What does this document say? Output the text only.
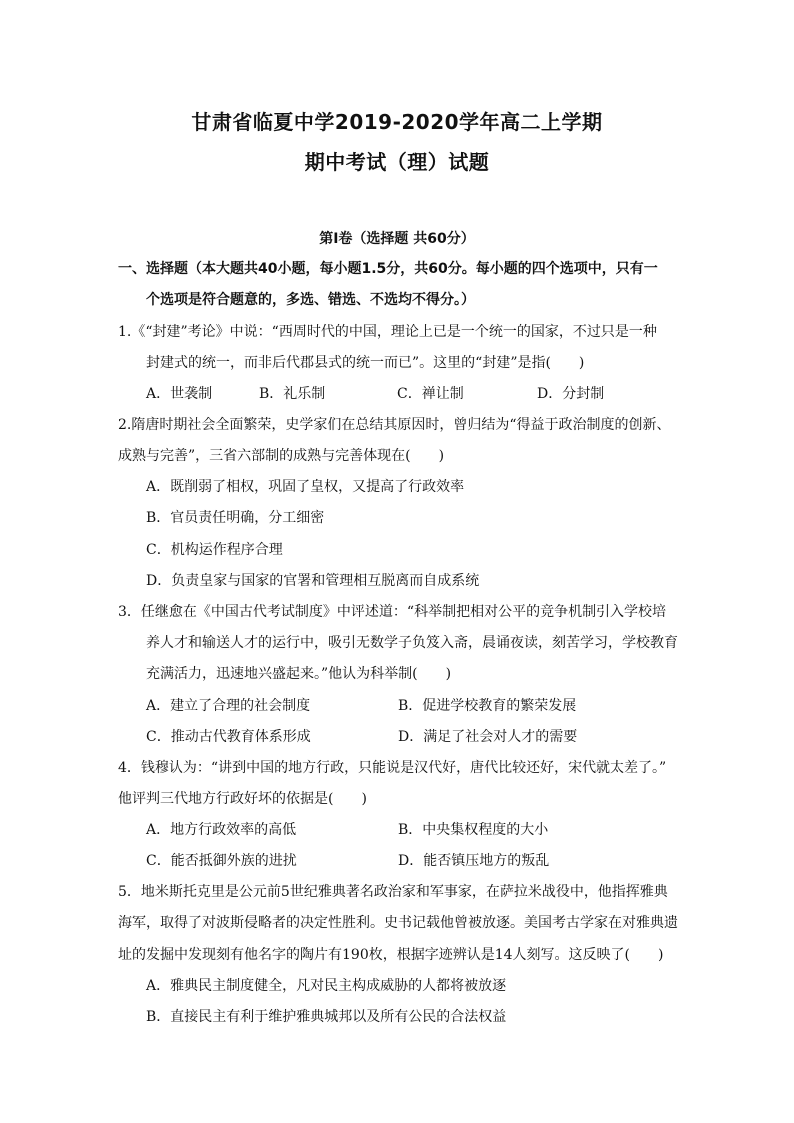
甘肃省临夏中学2019-2020学年高二上学期
期中考试（理）试题
第Ⅰ卷（选择题 共60分）
一、选择题（本大题共40小题，每小题1.5分，共60分。每小题的四个选项中，只有一
个选项是符合题意的，多选、错选、不选均不得分。）
1.《“封建”考论》中说：“西周时代的中国，理论上已是一个统一的国家，不过只是一种
封建式的统一，而非后代郡县式的统一而已”。这里的“封建”是指(　　)
A．世袭制	B．礼乐制	C．禅让制	D．分封制
2.隋唐时期社会全面繁荣，史学家们在总结其原因时，曾归结为“得益于政治制度的创新、
成熟与完善”，三省六部制的成熟与完善体现在(　　)
A．既削弱了相权，巩固了皇权，又提高了行政效率
B．官员责任明确，分工细密
C．机构运作程序合理
D．负责皇家与国家的官署和管理相互脱离而自成系统
3．任继愈在《中国古代考试制度》中评述道：“科举制把相对公平的竞争机制引入学校培
养人才和输送人才的运行中，吸引无数学子负笈入斋，晨诵夜读，刻苦学习，学校教育
充满活力，迅速地兴盛起来。”他认为科举制(　　)
A．建立了合理的社会制度	B．促进学校教育的繁荣发展
C．推动古代教育体系形成	D．满足了社会对人才的需要
4．钱穆认为：“讲到中国的地方行政，只能说是汉代好，唐代比较还好，宋代就太差了。”
他评判三代地方行政好坏的依据是(　　)
A．地方行政效率的高低	B．中央集权程度的大小
C．能否抵御外族的进扰	D．能否镇压地方的叛乱
5．地米斯托克里是公元前5世纪雅典著名政治家和军事家，在萨拉米战役中，他指挥雅典
海军，取得了对波斯侵略者的决定性胜利。史书记载他曾被放逐。美国考古学家在对雅典遗
址的发掘中发现刻有他名字的陶片有190枚，根据字迹辨认是14人刻写。这反映了(　　)
A．雅典民主制度健全，凡对民主构成威胁的人都将被放逐
B．直接民主有利于维护雅典城邦以及所有公民的合法权益
